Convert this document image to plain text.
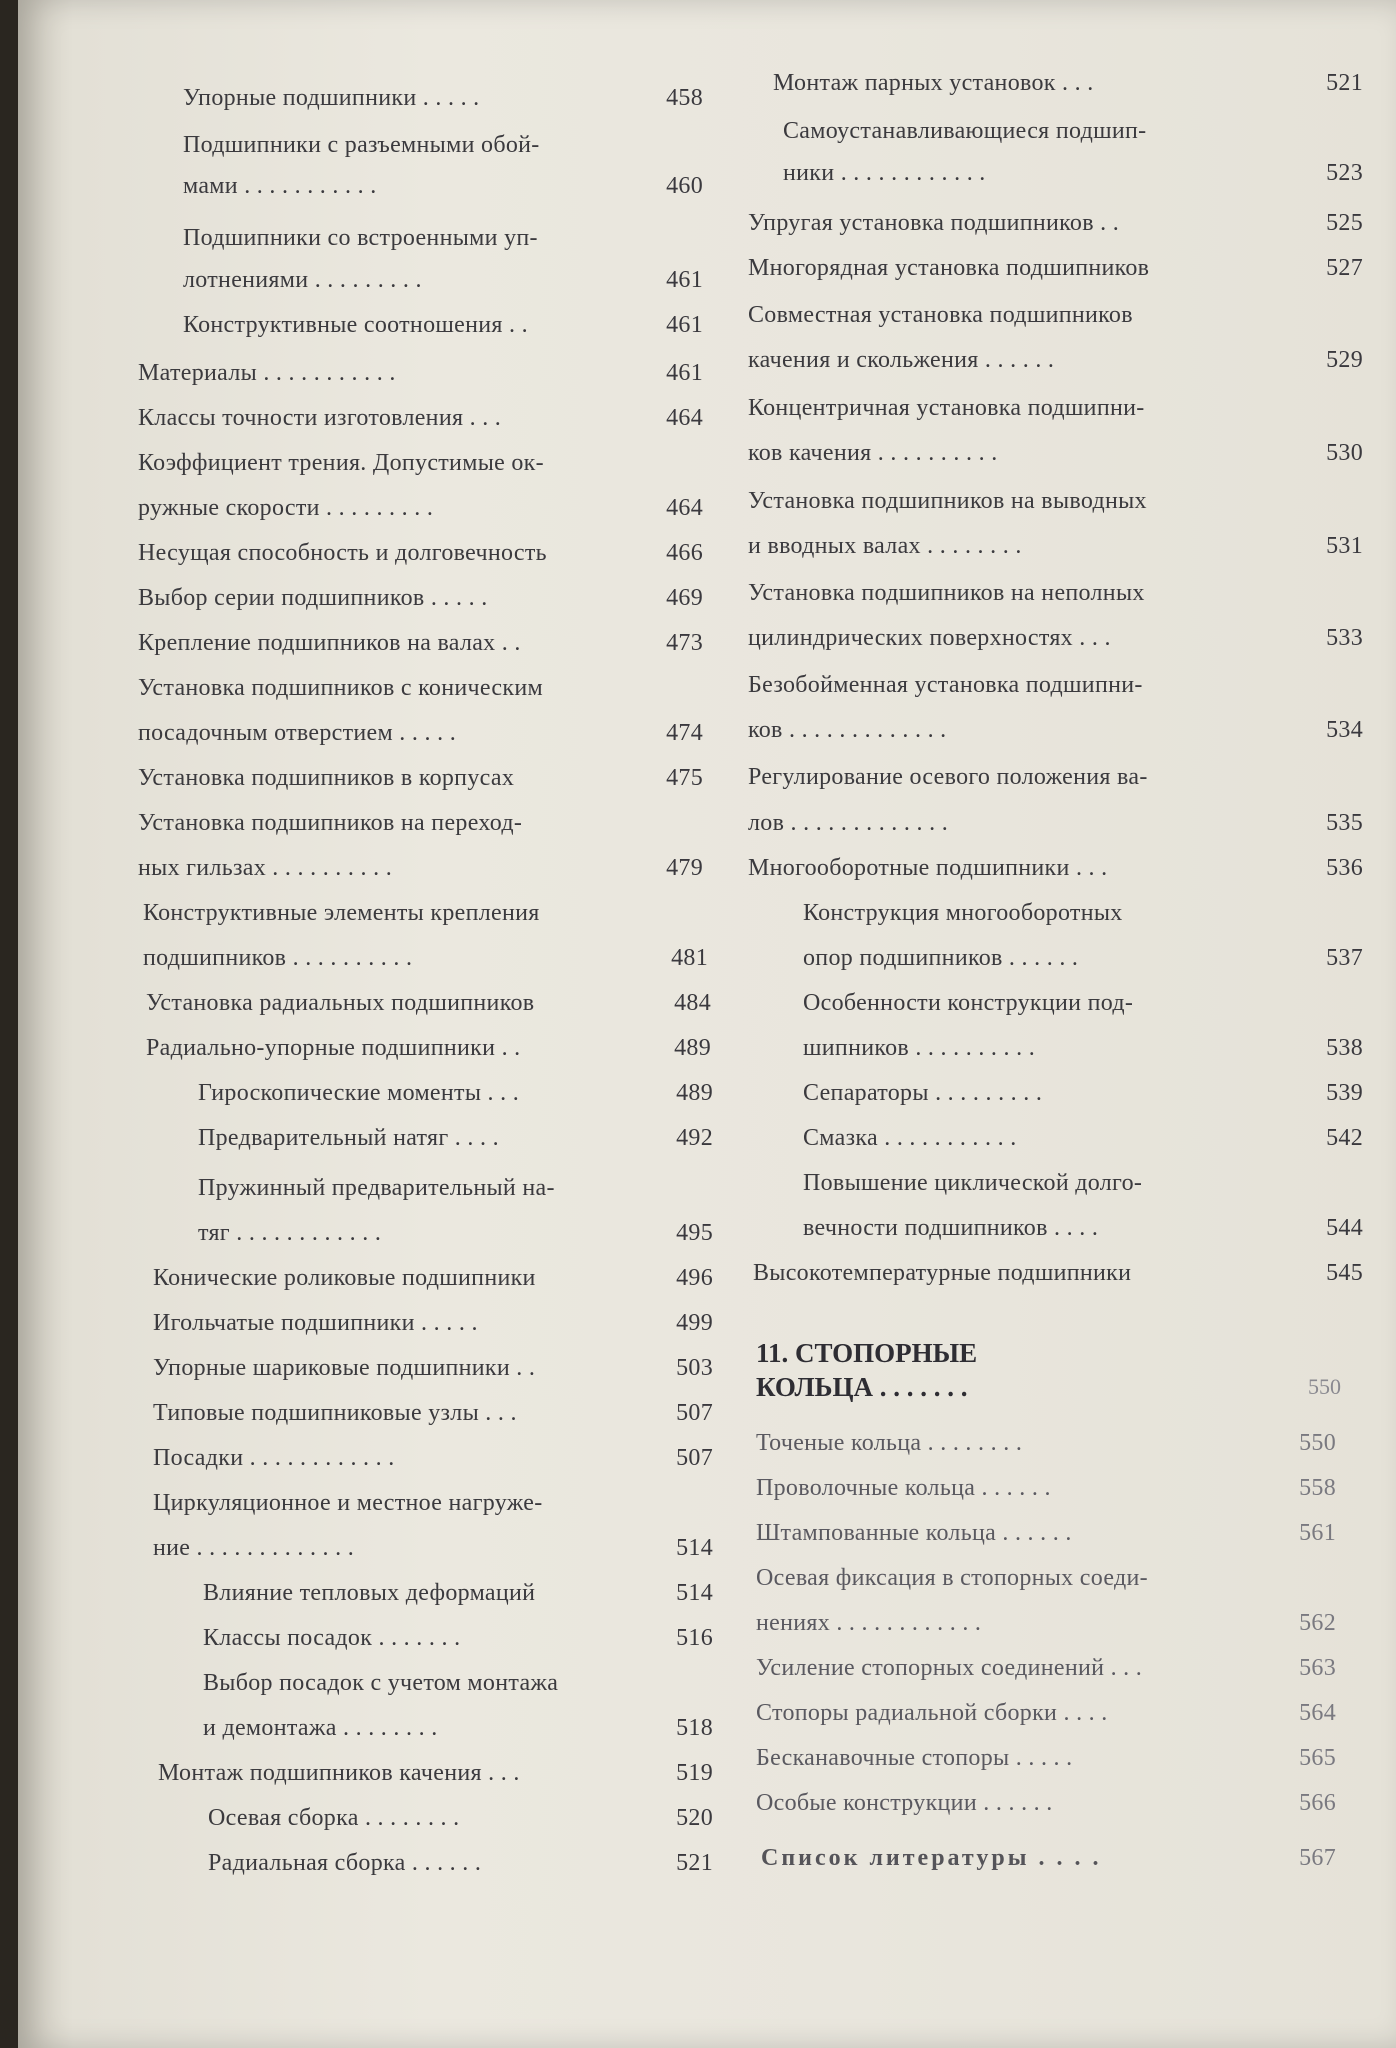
Упорные подшипники . . . . .	458
Подшипники с разъемными обой-
мами . . . . . . . . . . .	460
Подшипники со встроенными уп-
лотнениями . . . . . . . . .	461
Конструктивные соотношения . .	461
Материалы . . . . . . . . . . .	461
Классы точности изготовления . . .	464
Коэффициент трения. Допустимые ок-
ружные скорости . . . . . . . . .	464
Несущая способность и долговечность	466
Выбор серии подшипников . . . . .	469
Крепление подшипников на валах . .	473
Установка подшипников с коническим
посадочным отверстием . . . . .	474
Установка подшипников в корпусах	475
Установка подшипников на переход-
ных гильзах . . . . . . . . . .	479
Конструктивные элементы крепления
подшипников . . . . . . . . . .	481
Установка радиальных подшипников	484
Радиально-упорные подшипники . .	489
Гироскопические моменты . . .	489
Предварительный натяг . . . .	492
Пружинный предварительный на-
тяг . . . . . . . . . . . .	495
Конические роликовые подшипники	496
Игольчатые подшипники . . . . .	499
Упорные шариковые подшипники . .	503
Типовые подшипниковые узлы . . .	507
Посадки . . . . . . . . . . . .	507
Циркуляционное и местное нагруже-
ние . . . . . . . . . . . . .	514
Влияние тепловых деформаций	514
Классы посадок . . . . . . .	516
Выбор посадок с учетом монтажа
и демонтажа . . . . . . . .	518
Монтаж подшипников качения . . .	519
Осевая сборка . . . . . . . .	520
Радиальная сборка . . . . . .	521
Монтаж парных установок . . .	521
Самоустанавливающиеся подшип-
ники . . . . . . . . . . . .	523
Упругая установка подшипников . .	525
Многорядная установка подшипников	527
Совместная установка подшипников
качения и скольжения . . . . . .	529
Концентричная установка подшипни-
ков качения . . . . . . . . . .	530
Установка подшипников на выводных
и вводных валах . . . . . . . .	531
Установка подшипников на неполных
цилиндрических поверхностях . . .	533
Безобойменная установка подшипни-
ков . . . . . . . . . . . . .	534
Регулирование осевого положения ва-
лов . . . . . . . . . . . . .	535
Многооборотные подшипники . . .	536
Конструкция многооборотных
опор подшипников . . . . . .	537
Особенности конструкции под-
шипников . . . . . . . . . .	538
Сепараторы . . . . . . . . .	539
Смазка . . . . . . . . . . .	542
Повышение циклической долго-
вечности подшипников . . . .	544
Высокотемпературные подшипники	545
11. СТОПОРНЫЕ
КОЛЬЦА . . . . . . .	550
Точеные кольца . . . . . . . .	550
Проволочные кольца . . . . . .	558
Штампованные кольца . . . . . .	561
Осевая фиксация в стопорных соеди-
нениях . . . . . . . . . . . .	562
Усиление стопорных соединений . . .	563
Стопоры радиальной сборки . . . .	564
Бесканавочные стопоры . . . . .	565
Особые конструкции . . . . . .	566
Список литературы . . . .	567
